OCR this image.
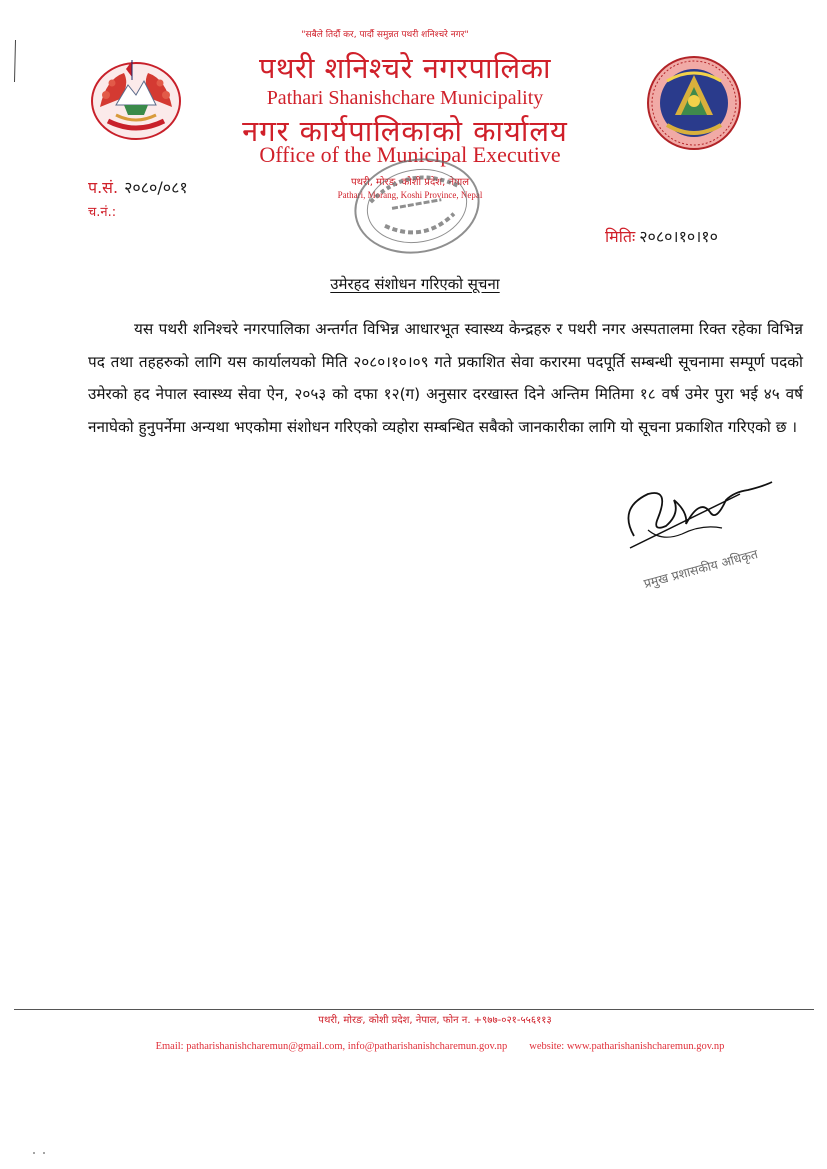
"सबैले तिर्दौ कर, पार्दौ समुन्नत पथरी शनिश्चरे नगर"
पथरी शनिश्चरे नगरपालिका
Pathari Shanishchare Municipality
नगर कार्यपालिकाको कार्यालय
Office of the Municipal Executive
पथरी, मोरङ, कोशी प्रदेश, नेपाल
Pathari, Morang, Koshi Province, Nepal
प.सं. २०८०/०८१
च.नं.:
मितिः २०८०।१०।१०
उमेरहद संशोधन गरिएको सूचना
यस पथरी शनिश्चरे नगरपालिका अन्तर्गत विभिन्न आधारभूत स्वास्थ्य केन्द्रहरु र पथरी नगर अस्पतालमा रिक्त रहेका विभिन्न पद तथा तहहरुको लागि यस कार्यालयको मिति २०८०।१०।०९ गते प्रकाशित सेवा करारमा पदपूर्ति सम्बन्धी सूचनामा सम्पूर्ण पदको उमेरको हद नेपाल स्वास्थ्य सेवा ऐन, २०५३ को दफा १२(ग) अनुसार दरखास्त दिने अन्तिम मितिमा १८ वर्ष उमेर पुरा भई ४५ वर्ष ननाघेको हुनुपर्नेमा अन्यथा भएकोमा संशोधन गरिएको व्यहोरा सम्बन्धित सबैको जानकारीका लागि यो सूचना प्रकाशित गरिएको छ ।
प्रमुख प्रशासकीय अधिकृत
पथरी, मोरङ, कोशी प्रदेश, नेपाल, फोन न. +९७७-०२१-५५६११३
Email: patharishanishcharemun@gmail.com, info@patharishanishcharemun.gov.np website: www.patharishanishcharemun.gov.np
